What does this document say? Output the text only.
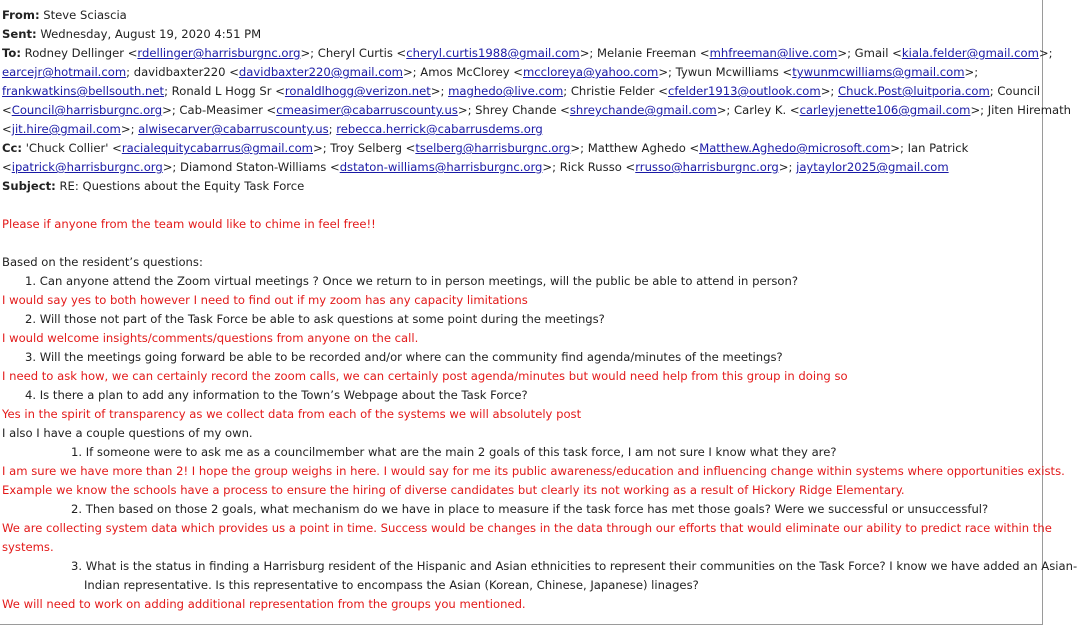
From: Steve Sciascia
Sent: Wednesday, August 19, 2020 4:51 PM
To: Rodney Dellinger <rdellinger@harrisburgnc.org>; Cheryl Curtis <cheryl.curtis1988@gmail.com>; Melanie Freeman <mhfreeman@live.com>; Gmail <kiala.felder@gmail.com>;
earcejr@hotmail.com; davidbaxter220 <davidbaxter220@gmail.com>; Amos McClorey <mccloreya@yahoo.com>; Tywun Mcwilliams <tywunmcwilliams@gmail.com>;
frankwatkins@bellsouth.net; Ronald L Hogg Sr <ronaldlhogg@verizon.net>; maghedo@live.com; Christie Felder <cfelder1913@outlook.com>; Chuck.Post@luitporia.com; Council
<Council@harrisburgnc.org>; Cab-Measimer <cmeasimer@cabarruscounty.us>; Shrey Chande <shreychande@gmail.com>; Carley K. <carleyjenette106@gmail.com>; Jiten Hiremath
<jit.hire@gmail.com>; alwisecarver@cabarruscounty.us; rebecca.herrick@cabarrusdems.org
Cc: 'Chuck Collier' <racialequitycabarrus@gmail.com>; Troy Selberg <tselberg@harrisburgnc.org>; Matthew Aghedo <Matthew.Aghedo@microsoft.com>; Ian Patrick
<ipatrick@harrisburgnc.org>; Diamond Staton-Williams <dstaton-williams@harrisburgnc.org>; Rick Russo <rrusso@harrisburgnc.org>; jaytaylor2025@gmail.com
Subject: RE: Questions about the Equity Task Force
Please if anyone from the team would like to chime in feel free!!
Based on the resident’s questions:
1. Can anyone attend the Zoom virtual meetings ? Once we return to in person meetings, will the public be able to attend in person?
I would say yes to both however I need to find out if my zoom has any capacity limitations
2. Will those not part of the Task Force be able to ask questions at some point during the meetings?
I would welcome insights/comments/questions from anyone on the call.
3. Will the meetings going forward be able to be recorded and/or where can the community find agenda/minutes of the meetings?
I need to ask how, we can certainly record the zoom calls, we can certainly post agenda/minutes but would need help from this group in doing so
4. Is there a plan to add any information to the Town’s Webpage about the Task Force?
Yes in the spirit of transparency as we collect data from each of the systems we will absolutely post
I also I have a couple questions of my own.
1. If someone were to ask me as a councilmember what are the main 2 goals of this task force, I am not sure I know what they are?
I am sure we have more than 2! I hope the group weighs in here. I would say for me its public awareness/education and influencing change within systems where opportunities exists.
Example we know the schools have a process to ensure the hiring of diverse candidates but clearly its not working as a result of Hickory Ridge Elementary.
2. Then based on those 2 goals, what mechanism do we have in place to measure if the task force has met those goals? Were we successful or unsuccessful?
We are collecting system data which provides us a point in time. Success would be changes in the data through our efforts that would eliminate our ability to predict race within the
systems.
3. What is the status in finding a Harrisburg resident of the Hispanic and Asian ethnicities to represent their communities on the Task Force? I know we have added an Asian-
Indian representative. Is this representative to encompass the Asian (Korean, Chinese, Japanese) linages?
We will need to work on adding additional representation from the groups you mentioned.
